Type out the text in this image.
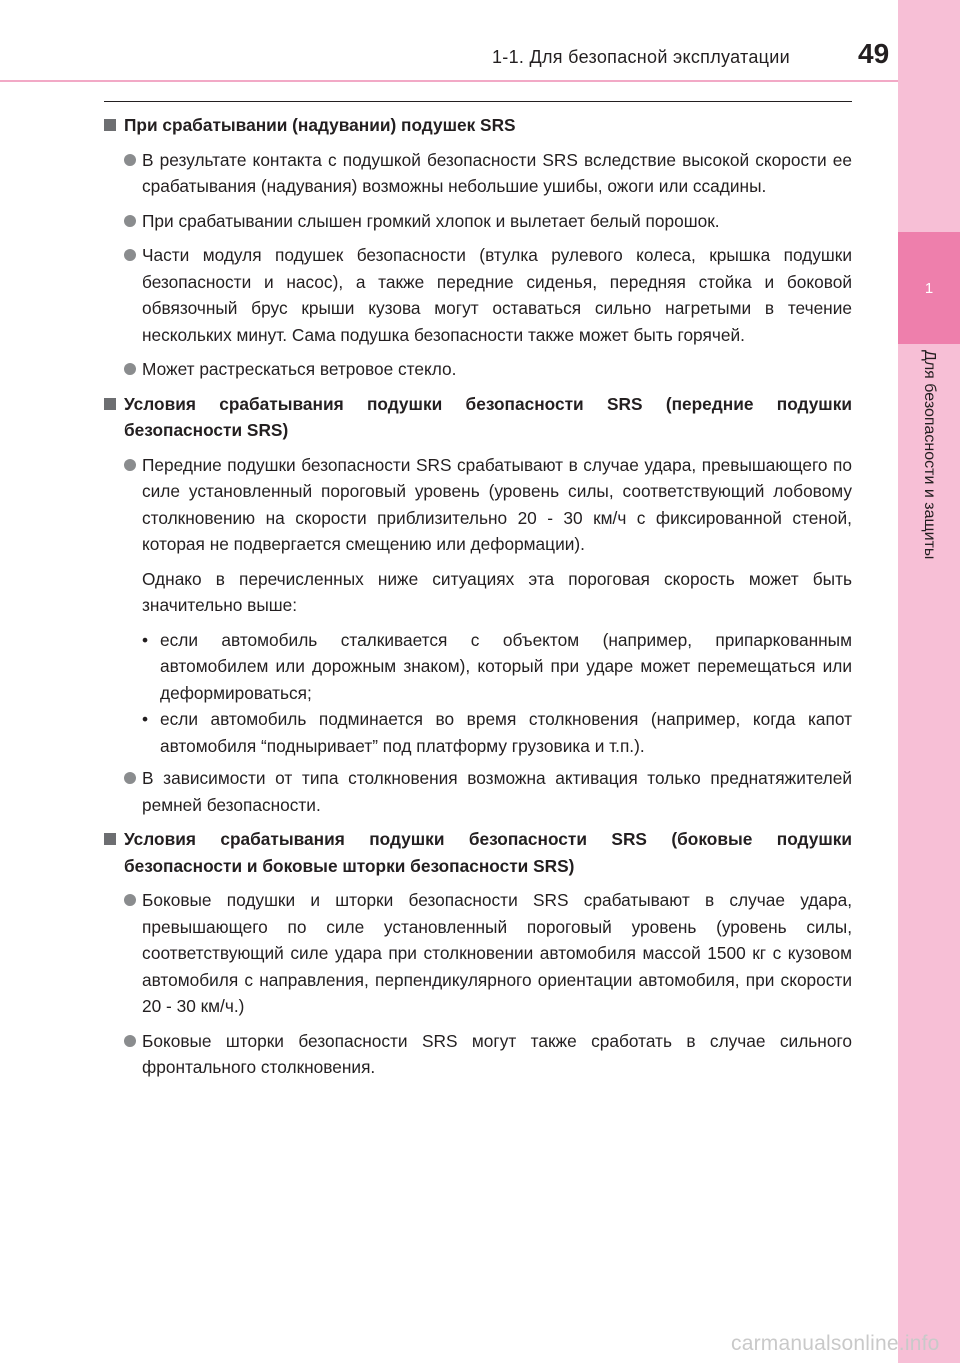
1-1. Для безопасной эксплуатации 49
1
Для безопасности и защиты
При срабатывании (надувании) подушек SRS
В результате контакта с подушкой безопасности SRS вследствие высокой скорости ее срабатывания (надувания) возможны небольшие ушибы, ожоги или ссадины.
При срабатывании слышен громкий хлопок и вылетает белый порошок.
Части модуля подушек безопасности (втулка рулевого колеса, крышка подушки безопасности и насос), а также передние сиденья, передняя стойка и боковой обвязочный брус крыши кузова могут оставаться сильно нагретыми в течение нескольких минут. Сама подушка безопасности также может быть горячей.
Может растрескаться ветровое стекло.
Условия срабатывания подушки безопасности SRS (передние подушки безопасности SRS)
Передние подушки безопасности SRS срабатывают в случае удара, превышающего по силе установленный пороговый уровень (уровень силы, соответствующий лобовому столкновению на скорости приблизительно 20 - 30 км/ч с фиксированной стеной, которая не подвергается смещению или деформации).
Однако в перечисленных ниже ситуациях эта пороговая скорость может быть значительно выше:
• если автомобиль сталкивается с объектом (например, припаркованным автомобилем или дорожным знаком), который при ударе может перемещаться или деформироваться;
• если автомобиль подминается во время столкновения (например, когда капот автомобиля “подныривает” под платформу грузовика и т.п.).
В зависимости от типа столкновения возможна активация только преднатяжителей ремней безопасности.
Условия срабатывания подушки безопасности SRS (боковые подушки безопасности и боковые шторки безопасности SRS)
Боковые подушки и шторки безопасности SRS срабатывают в случае удара, превышающего по силе установленный пороговый уровень (уровень силы, соответствующий силе удара при столкновении автомобиля массой 1500 кг с кузовом автомобиля с направления, перпендикулярного ориентации автомобиля, при скорости 20 - 30 км/ч.)
Боковые шторки безопасности SRS могут также сработать в случае сильного фронтального столкновения.
carmanualsonline.info
